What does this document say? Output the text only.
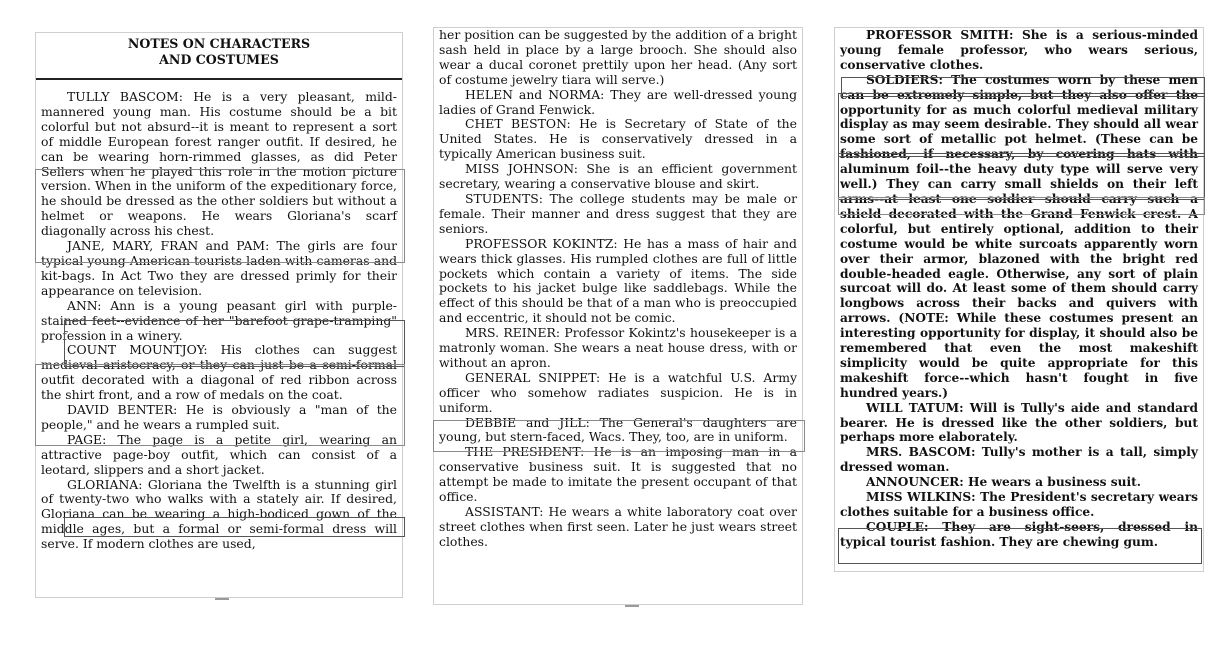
NOTES ON CHARACTERS
AND COSTUMES

TULLY BASCOM: He is a very pleasant, mild-mannered young man. His costume should be a bit colorful but not absurd--it is meant to represent a sort of middle European forest ranger outfit. If desired, he can be wearing horn-rimmed glasses, as did Peter Sellers when he played this role in the motion picture version. When in the uniform of the expeditionary force, he should be dressed as the other soldiers but without a helmet or weapons. He wears Gloriana's scarf diagonally across his chest.

JANE, MARY, FRAN and PAM: The girls are four typical young American tourists laden with cameras and kit-bags. In Act Two they are dressed primly for their appearance on television.

ANN: Ann is a young peasant girl with purple-stained feet--evidence of her "barefoot grape-tramping" profession in a winery.

COUNT MOUNTJOY: His clothes can suggest medieval aristocracy, or they can just be a semi-formal outfit decorated with a diagonal of red ribbon across the shirt front, and a row of medals on the coat.

DAVID BENTER: He is obviously a "man of the people," and he wears a rumpled suit.

PAGE: The page is a petite girl, wearing an attractive page-boy outfit, which can consist of a leotard, slippers and a short jacket.

GLORIANA: Gloriana the Twelfth is a stunning girl of twenty-two who walks with a stately air. If desired, Gloriana can be wearing a high-bodiced gown of the middle ages, but a formal or semi-formal dress will serve. If modern clothes are used,

her position can be suggested by the addition of a bright sash held in place by a large brooch. She should also wear a ducal coronet prettily upon her head. (Any sort of costume jewelry tiara will serve.)

HELEN and NORMA: They are well-dressed young ladies of Grand Fenwick.

CHET BESTON: He is Secretary of State of the United States. He is conservatively dressed in a typically American business suit.

MISS JOHNSON: She is an efficient government secretary, wearing a conservative blouse and skirt.

STUDENTS: The college students may be male or female. Their manner and dress suggest that they are seniors.

PROFESSOR KOKINTZ: He has a mass of hair and wears thick glasses. His rumpled clothes are full of little pockets which contain a variety of items. The side pockets to his jacket bulge like saddlebags. While the effect of this should be that of a man who is preoccupied and eccentric, it should not be comic.

MRS. REINER: Professor Kokintz's housekeeper is a matronly woman. She wears a neat house dress, with or without an apron.

GENERAL SNIPPET: He is a watchful U.S. Army officer who somehow radiates suspicion. He is in uniform.

DEBBIE and JILL: The General's daughters are young, but stern-faced, Wacs. They, too, are in uniform.

THE PRESIDENT: He is an imposing man in a conservative business suit. It is suggested that no attempt be made to imitate the present occupant of that office.

ASSISTANT: He wears a white laboratory coat over street clothes when first seen. Later he just wears street clothes.

PROFESSOR SMITH: She is a serious-minded young female professor, who wears serious, conservative clothes.

SOLDIERS: The costumes worn by these men can be extremely simple, but they also offer the opportunity for as much colorful medieval military display as may seem desirable. They should all wear some sort of metallic pot helmet. (These can be fashioned, if necessary, by covering hats with aluminum foil--the heavy duty type will serve very well.) They can carry small shields on their left arms--at least one soldier should carry such a shield decorated with the Grand Fenwick crest. A colorful, but entirely optional, addition to their costume would be white surcoats apparently worn over their armor, blazoned with the bright red double-headed eagle. Otherwise, any sort of plain surcoat will do. At least some of them should carry longbows across their backs and quivers with arrows. (NOTE: While these costumes present an interesting opportunity for display, it should also be remembered that even the most makeshift simplicity would be quite appropriate for this makeshift force--which hasn't fought in five hundred years.)

WILL TATUM: Will is Tully's aide and standard bearer. He is dressed like the other soldiers, but perhaps more elaborately.

MRS. BASCOM: Tully's mother is a tall, simply dressed woman.

ANNOUNCER: He wears a business suit.

MISS WILKINS: The President's secretary wears clothes suitable for a business office.

COUPLE: They are sight-seers, dressed in typical tourist fashion. They are chewing gum.
